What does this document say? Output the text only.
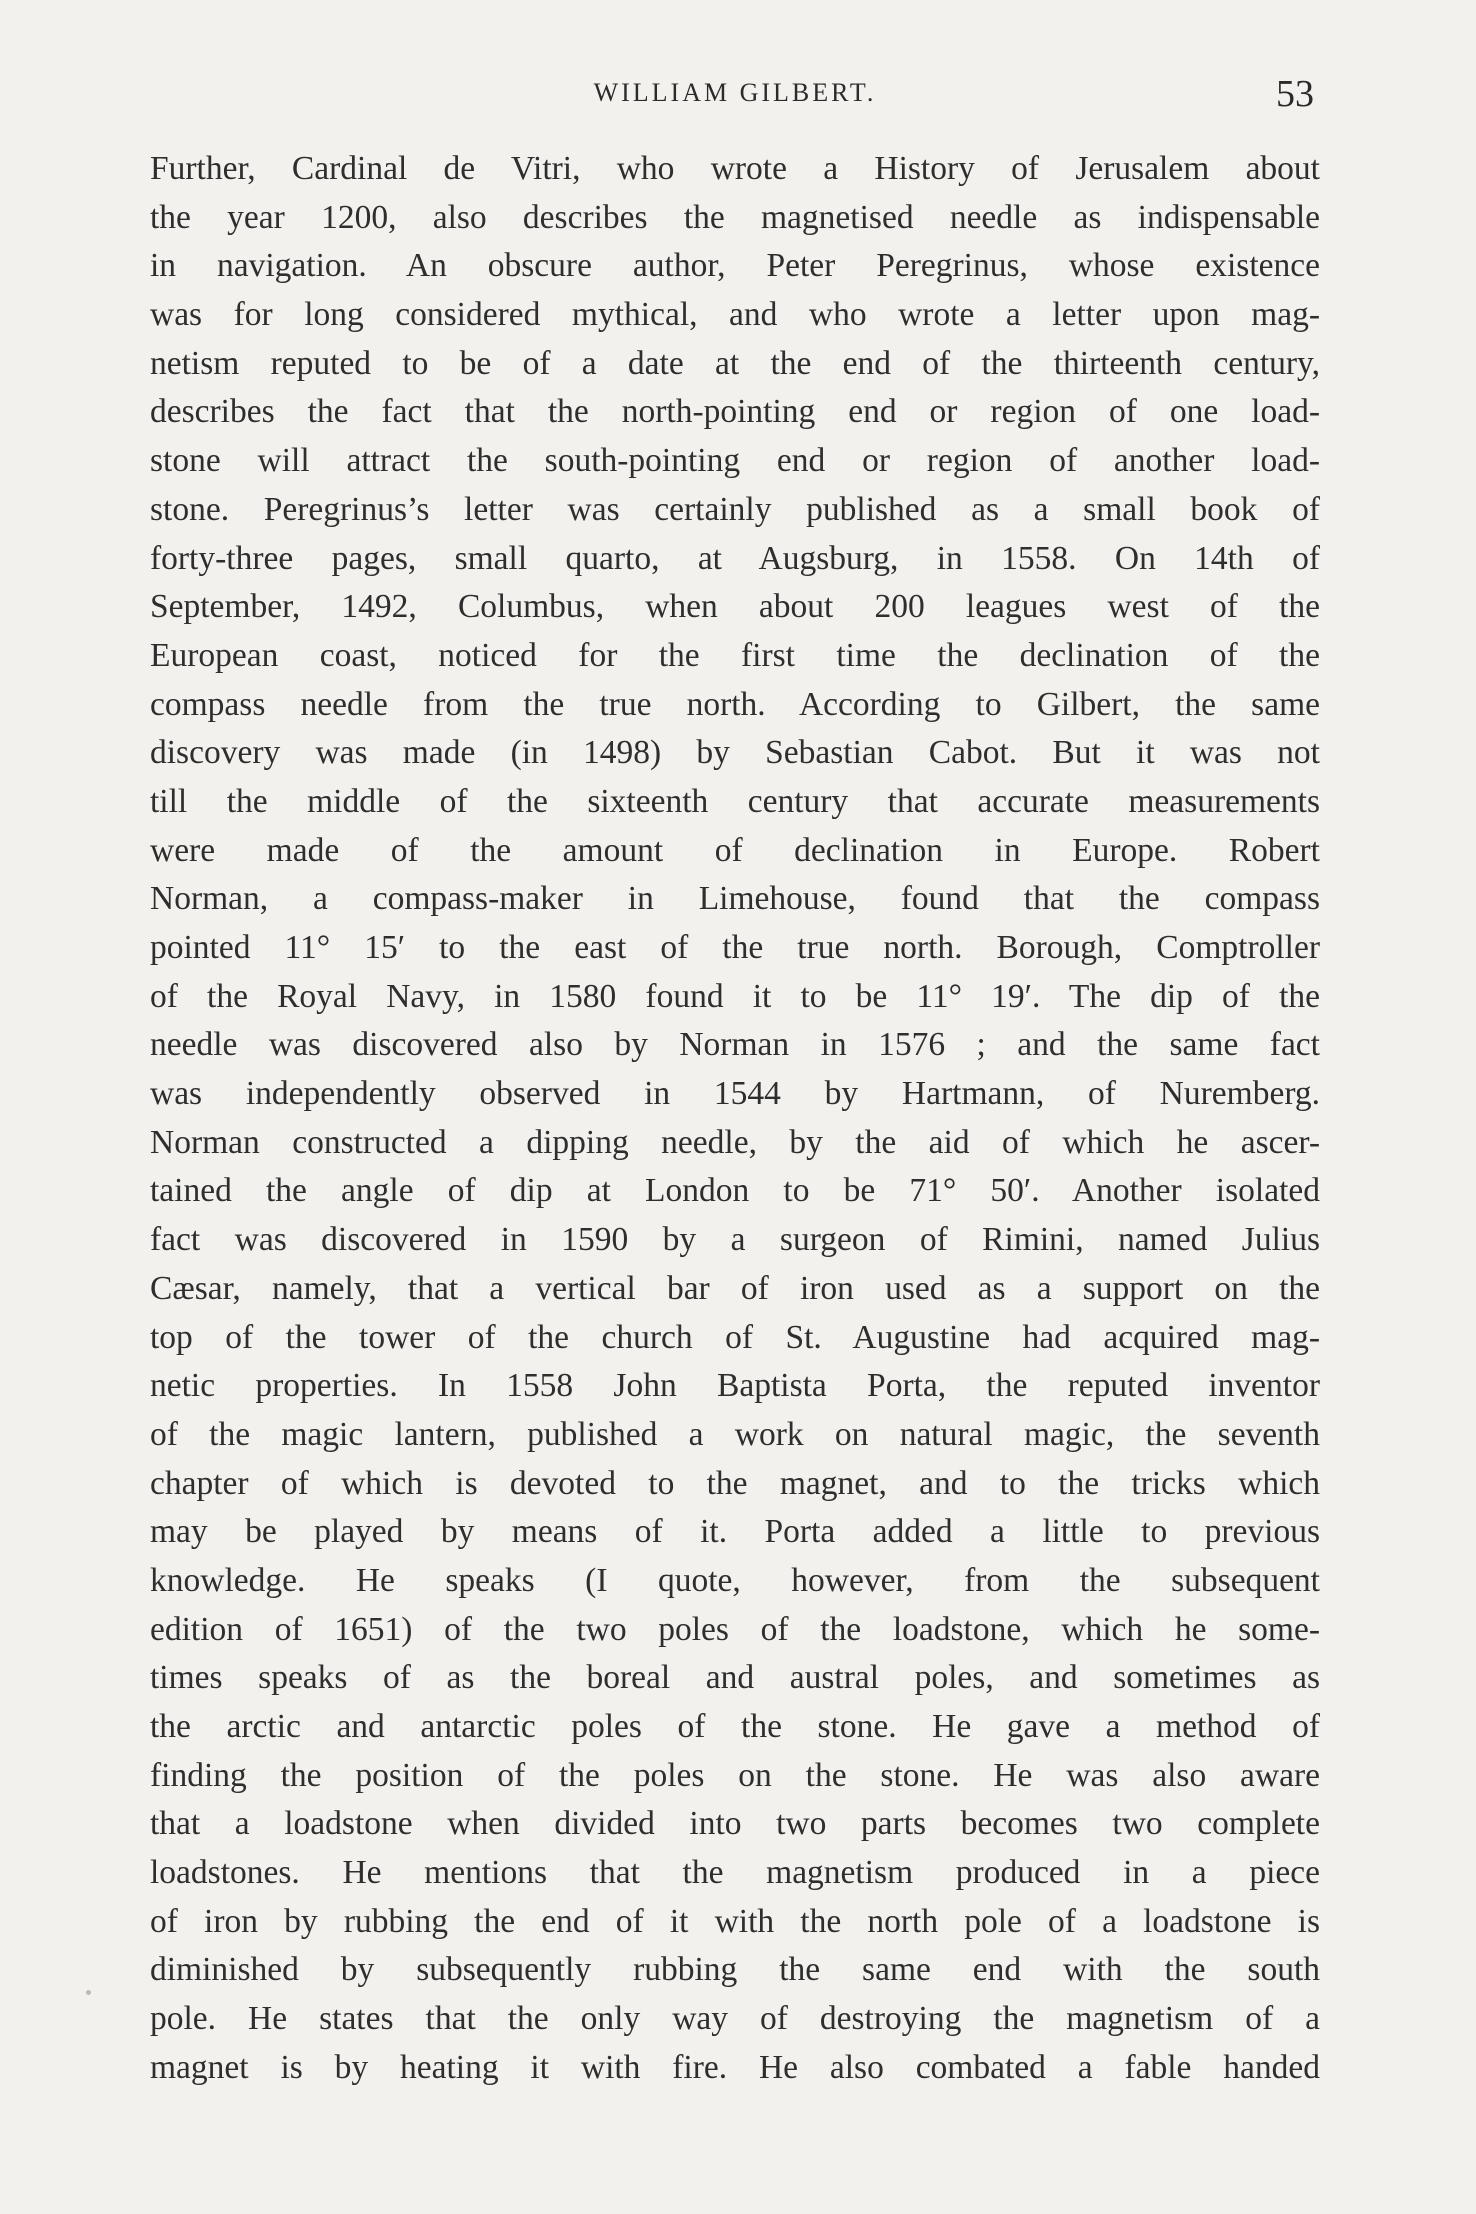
WILLIAM GILBERT.	53
Further, Cardinal de Vitri, who wrote a History of Jerusalem about
the year 1200, also describes the magnetised needle as indispensable
in navigation. An obscure author, Peter Peregrinus, whose existence
was for long considered mythical, and who wrote a letter upon mag-
netism reputed to be of a date at the end of the thirteenth century,
describes the fact that the north-pointing end or region of one load-
stone will attract the south-pointing end or region of another load-
stone. Peregrinus’s letter was certainly published as a small book of
forty-three pages, small quarto, at Augsburg, in 1558. On 14th of
September, 1492, Columbus, when about 200 leagues west of the
European coast, noticed for the first time the declination of the
compass needle from the true north. According to Gilbert, the same
discovery was made (in 1498) by Sebastian Cabot. But it was not
till the middle of the sixteenth century that accurate measurements
were made of the amount of declination in Europe. Robert
Norman, a compass-maker in Limehouse, found that the compass
pointed 11° 15′ to the east of the true north. Borough, Comptroller
of the Royal Navy, in 1580 found it to be 11° 19′. The dip of the
needle was discovered also by Norman in 1576 ; and the same fact
was independently observed in 1544 by Hartmann, of Nuremberg.
Norman constructed a dipping needle, by the aid of which he ascer-
tained the angle of dip at London to be 71° 50′. Another isolated
fact was discovered in 1590 by a surgeon of Rimini, named Julius
Cæsar, namely, that a vertical bar of iron used as a support on the
top of the tower of the church of St. Augustine had acquired mag-
netic properties. In 1558 John Baptista Porta, the reputed inventor
of the magic lantern, published a work on natural magic, the seventh
chapter of which is devoted to the magnet, and to the tricks which
may be played by means of it. Porta added a little to previous
knowledge. He speaks (I quote, however, from the subsequent
edition of 1651) of the two poles of the loadstone, which he some-
times speaks of as the boreal and austral poles, and sometimes as
the arctic and antarctic poles of the stone. He gave a method of
finding the position of the poles on the stone. He was also aware
that a loadstone when divided into two parts becomes two complete
loadstones. He mentions that the magnetism produced in a piece
of iron by rubbing the end of it with the north pole of a loadstone is
diminished by subsequently rubbing the same end with the south
pole. He states that the only way of destroying the magnetism of a
magnet is by heating it with fire. He also combated a fable handed
